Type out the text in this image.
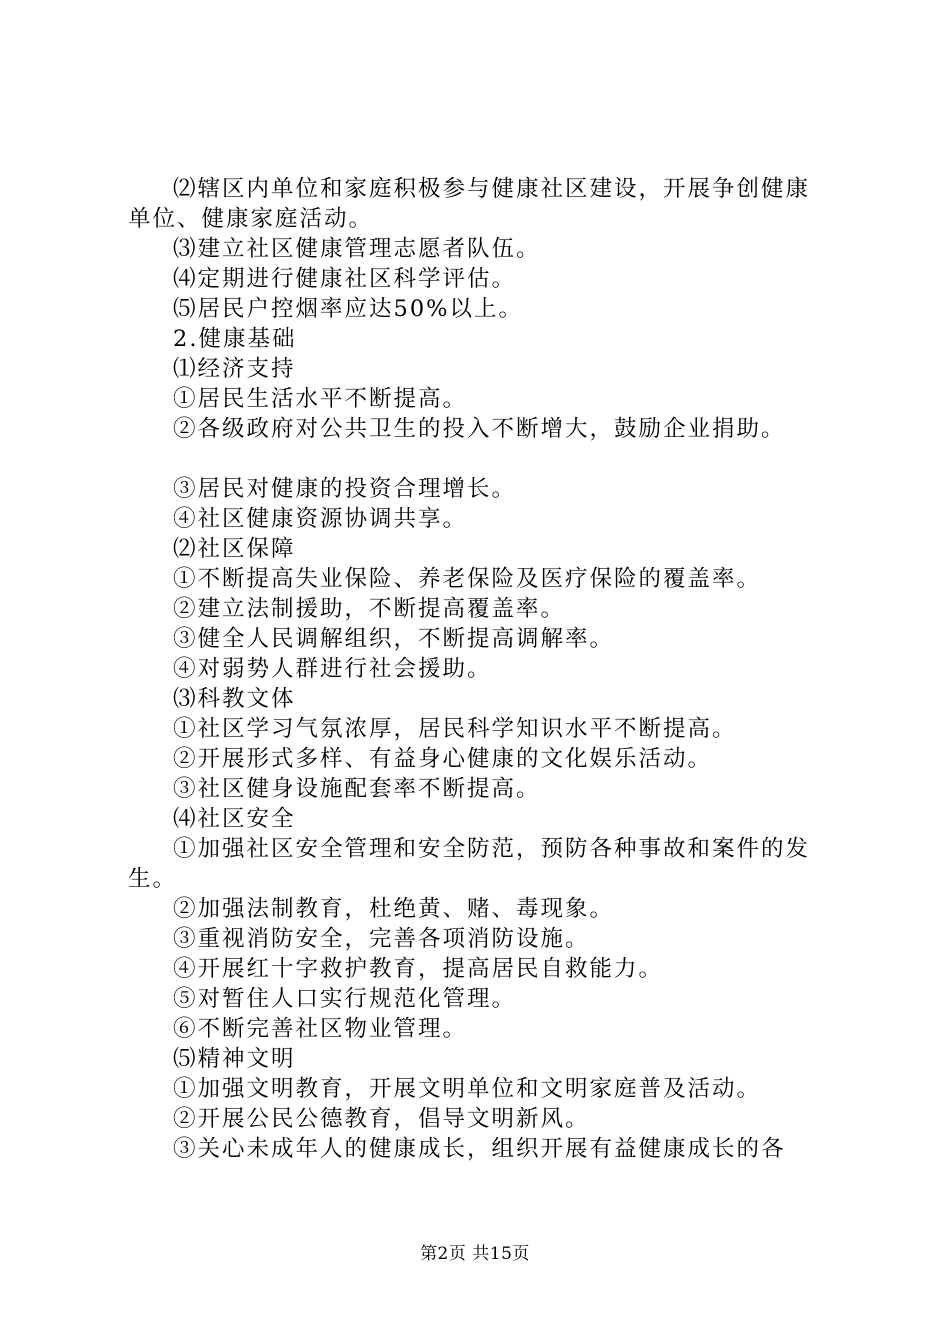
⑵辖区内单位和家庭积极参与健康社区建设，开展争创健康单位、健康家庭活动。

⑶建立社区健康管理志愿者队伍。

⑷定期进行健康社区科学评估。

⑸居民户控烟率应达50%以上。

2.健康基础

⑴经济支持

①居民生活水平不断提高。

②各级政府对公共卫生的投入不断增大，鼓励企业捐助。

③居民对健康的投资合理增长。

④社区健康资源协调共享。

⑵社区保障

①不断提高失业保险、养老保险及医疗保险的覆盖率。

②建立法制援助，不断提高覆盖率。

③健全人民调解组织，不断提高调解率。

④对弱势人群进行社会援助。

⑶科教文体

①社区学习气氛浓厚，居民科学知识水平不断提高。

②开展形式多样、有益身心健康的文化娱乐活动。

③社区健身设施配套率不断提高。

⑷社区安全

①加强社区安全管理和安全防范，预防各种事故和案件的发生。

②加强法制教育，杜绝黄、赌、毒现象。

③重视消防安全，完善各项消防设施。

④开展红十字救护教育，提高居民自救能力。

⑤对暂住人口实行规范化管理。

⑥不断完善社区物业管理。

⑸精神文明

①加强文明教育，开展文明单位和文明家庭普及活动。

②开展公民公德教育，倡导文明新风。

③关心未成年人的健康成长，组织开展有益健康成长的各

第2页 共15页
